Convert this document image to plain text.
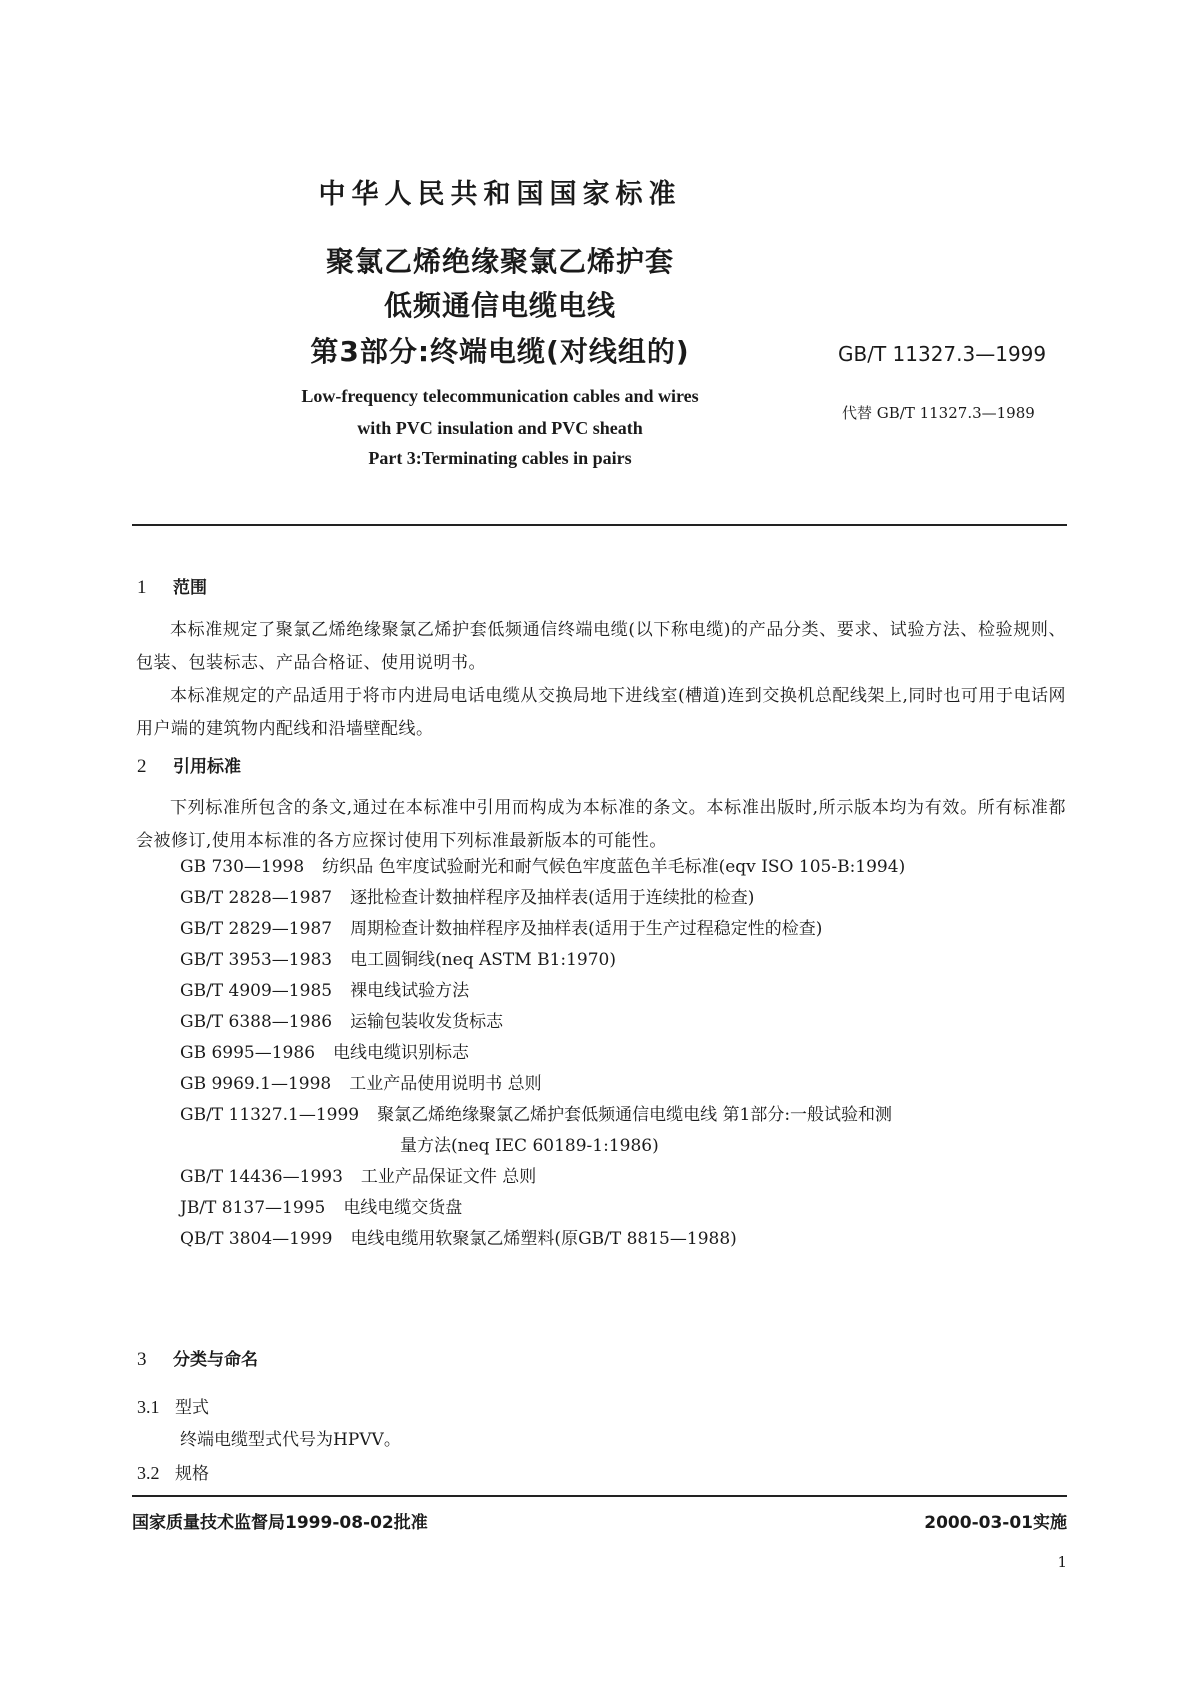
中华人民共和国国家标准
聚氯乙烯绝缘聚氯乙烯护套
低频通信电缆电线
第3部分:终端电缆(对线组的)	GB/T 11327.3—1999
代替 GB/T 11327.3—1989
Low-frequency telecommunication cables and wires
with PVC insulation and PVC sheath
Part 3:Terminating cables in pairs
1 范围

本标准规定了聚氯乙烯绝缘聚氯乙烯护套低频通信终端电缆(以下称电缆)的产品分类、要求、试验方法、检验规则、包装、包装标志、产品合格证、使用说明书。

本标准规定的产品适用于将市内进局电话电缆从交换局地下进线室(槽道)连到交换机总配线架上,同时也可用于电话网用户端的建筑物内配线和沿墙壁配线。

2 引用标准

下列标准所包含的条文,通过在本标准中引用而构成为本标准的条文。本标准出版时,所示版本均为有效。所有标准都会被修订,使用本标准的各方应探讨使用下列标准最新版本的可能性。

GB 730—1998 纺织品 色牢度试验耐光和耐气候色牢度蓝色羊毛标准(eqv ISO 105-B:1994)
GB/T 2828—1987 逐批检查计数抽样程序及抽样表(适用于连续批的检查)
GB/T 2829—1987 周期检查计数抽样程序及抽样表(适用于生产过程稳定性的检查)
GB/T 3953—1983 电工圆铜线(neq ASTM B1:1970)
GB/T 4909—1985 裸电线试验方法
GB/T 6388—1986 运输包装收发货标志
GB 6995—1986 电线电缆识别标志
GB 9969.1—1998 工业产品使用说明书 总则
GB/T 11327.1—1999 聚氯乙烯绝缘聚氯乙烯护套低频通信电缆电线 第1部分:一般试验和测
量方法(neq IEC 60189-1:1986)
GB/T 14436—1993 工业产品保证文件 总则
JB/T 8137—1995 电线电缆交货盘
QB/T 3804—1999 电线电缆用软聚氯乙烯塑料(原GB/T 8815—1988)
3 分类与命名
3.1 型式
终端电缆型式代号为HPVV。
3.2 规格
国家质量技术监督局1999-08-02批准	2000-03-01实施
1
